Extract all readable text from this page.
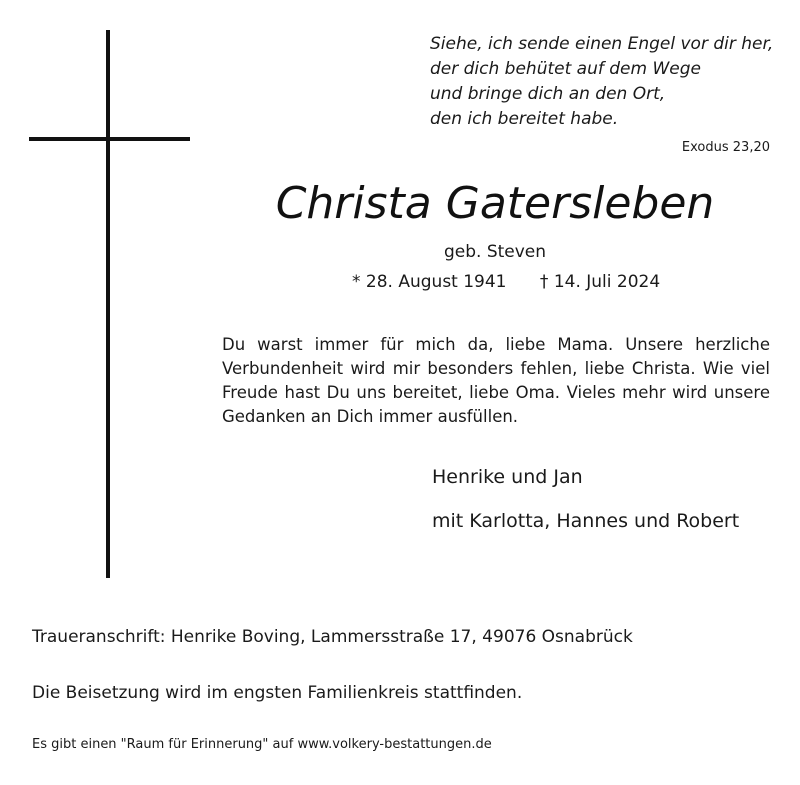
Siehe, ich sende einen Engel vor dir her,
der dich behütet auf dem Wege
und bringe dich an den Ort,
den ich bereitet habe.
Exodus 23,20
Christa Gatersleben
geb. Steven
* 28. August 1941 † 14. Juli 2024
Du warst immer für mich da, liebe Mama. Unsere herzliche Verbundenheit wird mir besonders fehlen, liebe Christa. Wie viel Freude hast Du uns bereitet, liebe Oma. Vieles mehr wird unsere Gedanken an Dich immer ausfüllen.
Henrike und Jan
mit Karlotta, Hannes und Robert
Traueranschrift: Henrike Boving, Lammersstraße 17, 49076 Osnabrück
Die Beisetzung wird im engsten Familienkreis stattfinden.
Es gibt einen "Raum für Erinnerung" auf www.volkery-bestattungen.de
